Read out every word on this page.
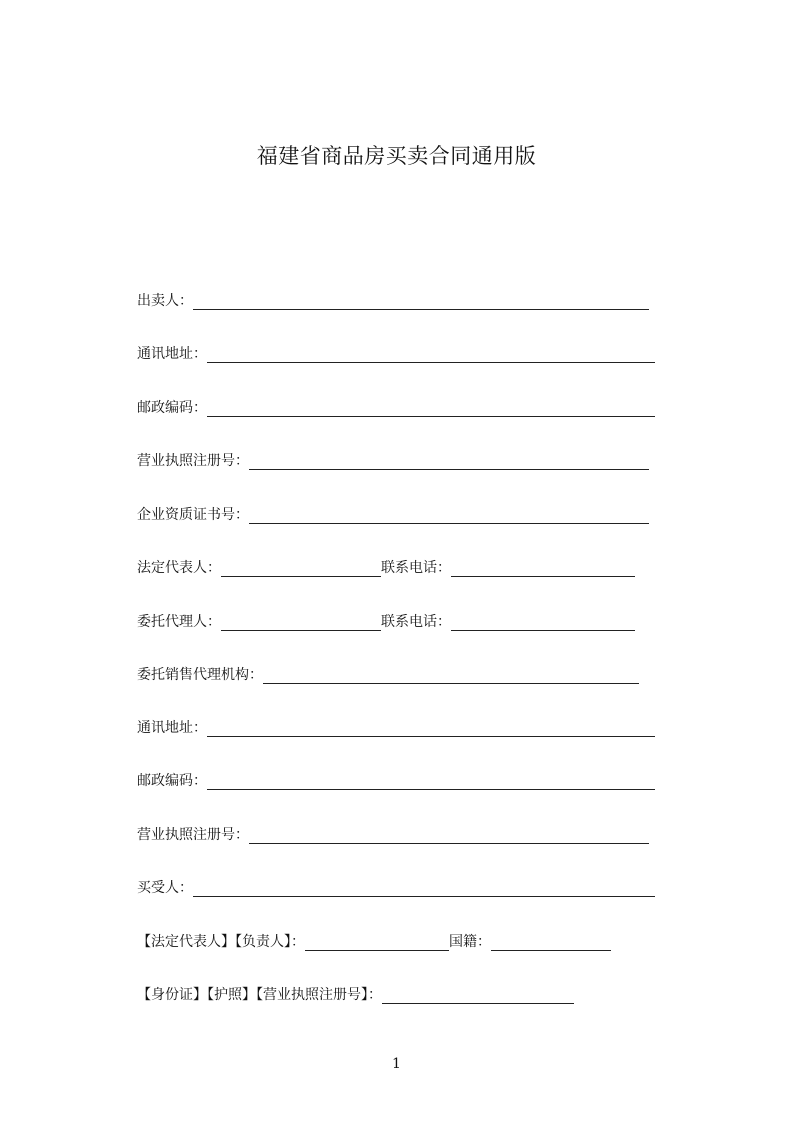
福建省商品房买卖合同通用版
出卖人：
通讯地址：
邮政编码：
营业执照注册号：
企业资质证书号：
法定代表人：	联系电话：
委托代理人：	联系电话：
委托销售代理机构：
通讯地址：
邮政编码：
营业执照注册号：
买受人：
【法定代表人】【负责人】：	国籍：
【身份证】【护照】【营业执照注册号】：
1
